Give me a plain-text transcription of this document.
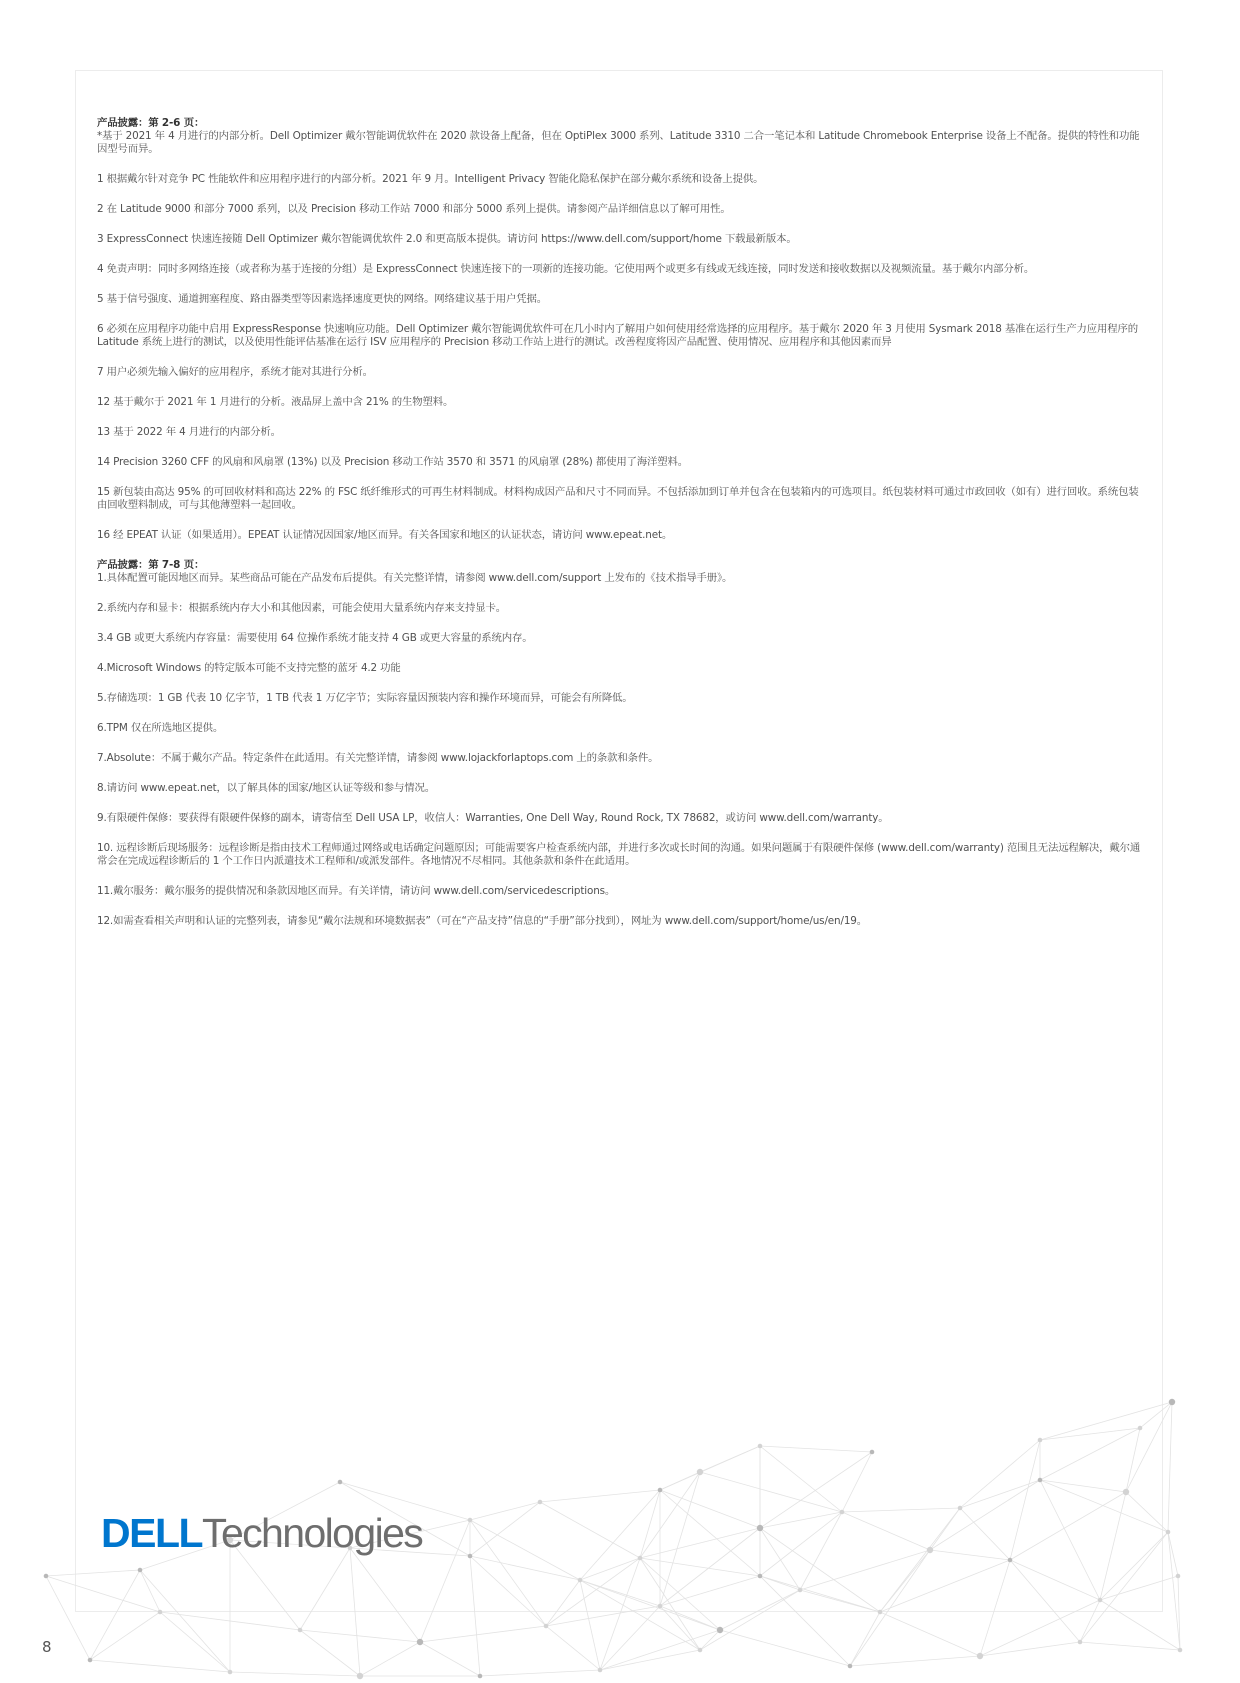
产品披露：第 2-6 页：

*基于 2021 年 4 月进行的内部分析。Dell Optimizer 戴尔智能调优软件在 2020 款设备上配备，但在 OptiPlex 3000 系列、Latitude 3310 二合一笔记本和 Latitude Chromebook Enterprise 设备上不配备。提供的特性和功能因型号而异。

1 根据戴尔针对竞争 PC 性能软件和应用程序进行的内部分析。2021 年 9 月。Intelligent Privacy 智能化隐私保护在部分戴尔系统和设备上提供。

2 在 Latitude 9000 和部分 7000 系列，以及 Precision 移动工作站 7000 和部分 5000 系列上提供。请参阅产品详细信息以了解可用性。

3 ExpressConnect 快速连接随 Dell Optimizer 戴尔智能调优软件 2.0 和更高版本提供。请访问 https://www.dell.com/support/home 下载最新版本。

4 免责声明：同时多网络连接（或者称为基于连接的分组）是 ExpressConnect 快速连接下的一项新的连接功能。它使用两个或更多有线或无线连接，同时发送和接收数据以及视频流量。基于戴尔内部分析。

5 基于信号强度、通道拥塞程度、路由器类型等因素选择速度更快的网络。网络建议基于用户凭据。

6 必须在应用程序功能中启用 ExpressResponse 快速响应功能。Dell Optimizer 戴尔智能调优软件可在几小时内了解用户如何使用经常选择的应用程序。基于戴尔 2020 年 3 月使用 Sysmark 2018 基准在运行生产力应用程序的 Latitude 系统上进行的测试，以及使用性能评估基准在运行 ISV 应用程序的 Precision 移动工作站上进行的测试。改善程度将因产品配置、使用情况、应用程序和其他因素而异

7 用户必须先输入偏好的应用程序，系统才能对其进行分析。

12 基于戴尔于 2021 年 1 月进行的分析。液晶屏上盖中含 21% 的生物塑料。

13 基于 2022 年 4 月进行的内部分析。

14 Precision 3260 CFF 的风扇和风扇罩 (13%) 以及 Precision 移动工作站 3570 和 3571 的风扇罩 (28%) 都使用了海洋塑料。

15 新包装由高达 95% 的可回收材料和高达 22% 的 FSC 纸纤维形式的可再生材料制成。材料构成因产品和尺寸不同而异。不包括添加到订单并包含在包装箱内的可选项目。纸包装材料可通过市政回收（如有）进行回收。系统包装由回收塑料制成，可与其他薄塑料一起回收。

16 经 EPEAT 认证（如果适用）。EPEAT 认证情况因国家/地区而异。有关各国家和地区的认证状态，请访问 www.epeat.net。

产品披露：第 7-8 页：

1.具体配置可能因地区而异。某些商品可能在产品发布后提供。有关完整详情，请参阅 www.dell.com/support 上发布的《技术指导手册》。

2.系统内存和显卡：根据系统内存大小和其他因素，可能会使用大量系统内存来支持显卡。

3.4 GB 或更大系统内存容量：需要使用 64 位操作系统才能支持 4 GB 或更大容量的系统内存。

4.Microsoft Windows 的特定版本可能不支持完整的蓝牙 4.2 功能

5.存储选项：1 GB 代表 10 亿字节，1 TB 代表 1 万亿字节；实际容量因预装内容和操作环境而异，可能会有所降低。

6.TPM 仅在所选地区提供。

7.Absolute：不属于戴尔产品。特定条件在此适用。有关完整详情，请参阅 www.lojackforlaptops.com 上的条款和条件。

8.请访问 www.epeat.net，以了解具体的国家/地区认证等级和参与情况。

9.有限硬件保修：要获得有限硬件保修的副本，请寄信至 Dell USA LP，收信人：Warranties, One Dell Way, Round Rock, TX 78682，或访问 www.dell.com/warranty。

10. 远程诊断后现场服务：远程诊断是指由技术工程师通过网络或电话确定问题原因；可能需要客户检查系统内部，并进行多次或长时间的沟通。如果问题属于有限硬件保修 (www.dell.com/warranty) 范围且无法远程解决，戴尔通常会在完成远程诊断后的 1 个工作日内派遣技术工程师和/或派发部件。各地情况不尽相同。其他条款和条件在此适用。

11.戴尔服务：戴尔服务的提供情况和条款因地区而异。有关详情，请访问 www.dell.com/servicedescriptions。

12.如需查看相关声明和认证的完整列表，请参见“戴尔法规和环境数据表”（可在“产品支持”信息的“手册”部分找到），网址为 www.dell.com/support/home/us/en/19。

DELLTechnologies
8
